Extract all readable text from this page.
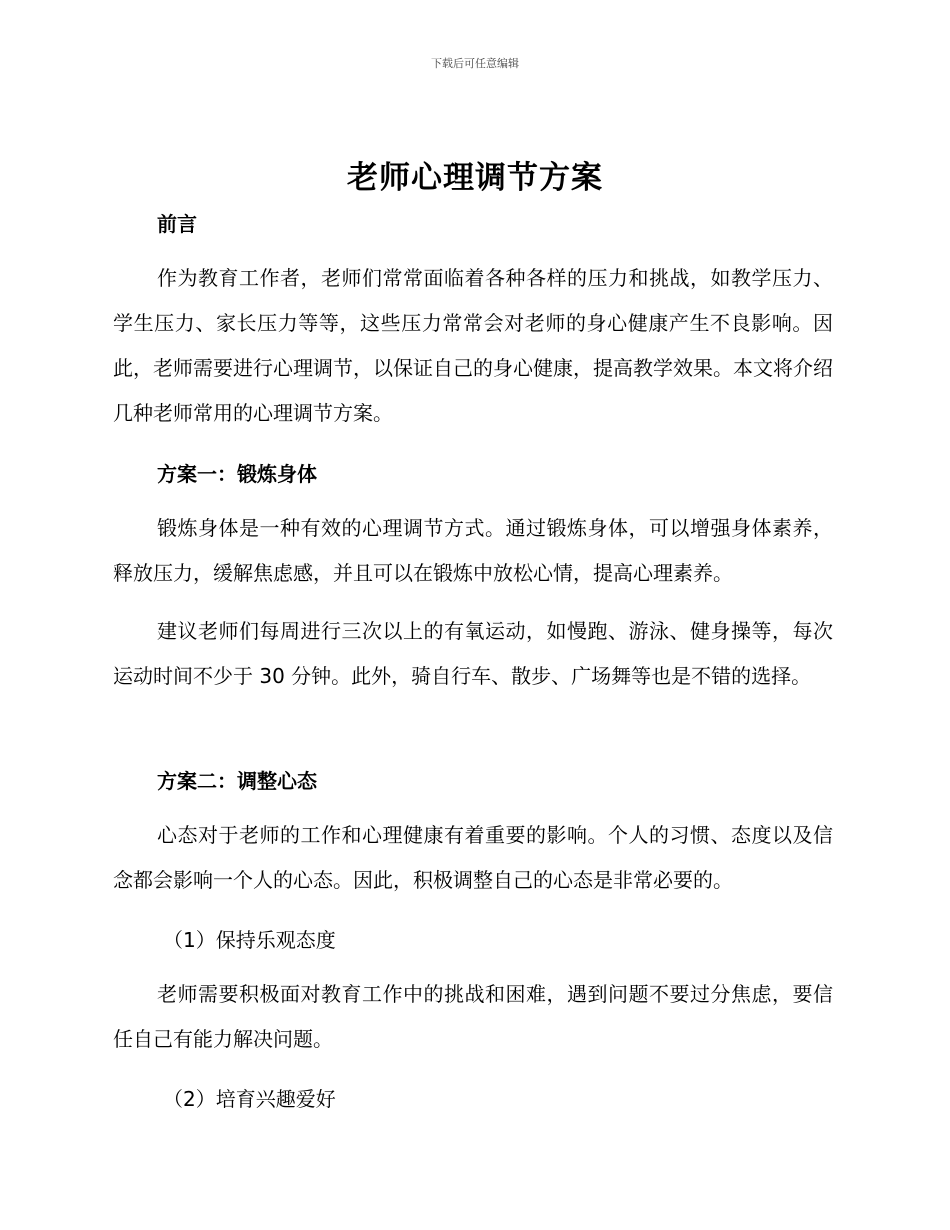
下载后可任意编辑
老师心理调节方案
前言
作为教育工作者，老师们常常面临着各种各样的压力和挑战，如教学压力、学生压力、家长压力等等，这些压力常常会对老师的身心健康产生不良影响。因此，老师需要进行心理调节，以保证自己的身心健康，提高教学效果。本文将介绍几种老师常用的心理调节方案。
方案一：锻炼身体
锻炼身体是一种有效的心理调节方式。通过锻炼身体，可以增强身体素养，释放压力，缓解焦虑感，并且可以在锻炼中放松心情，提高心理素养。
建议老师们每周进行三次以上的有氧运动，如慢跑、游泳、健身操等，每次运动时间不少于 30 分钟。此外，骑自行车、散步、广场舞等也是不错的选择。
方案二：调整心态
心态对于老师的工作和心理健康有着重要的影响。个人的习惯、态度以及信念都会影响一个人的心态。因此，积极调整自己的心态是非常必要的。
（1）保持乐观态度
老师需要积极面对教育工作中的挑战和困难，遇到问题不要过分焦虑，要信任自己有能力解决问题。
（2）培育兴趣爱好
